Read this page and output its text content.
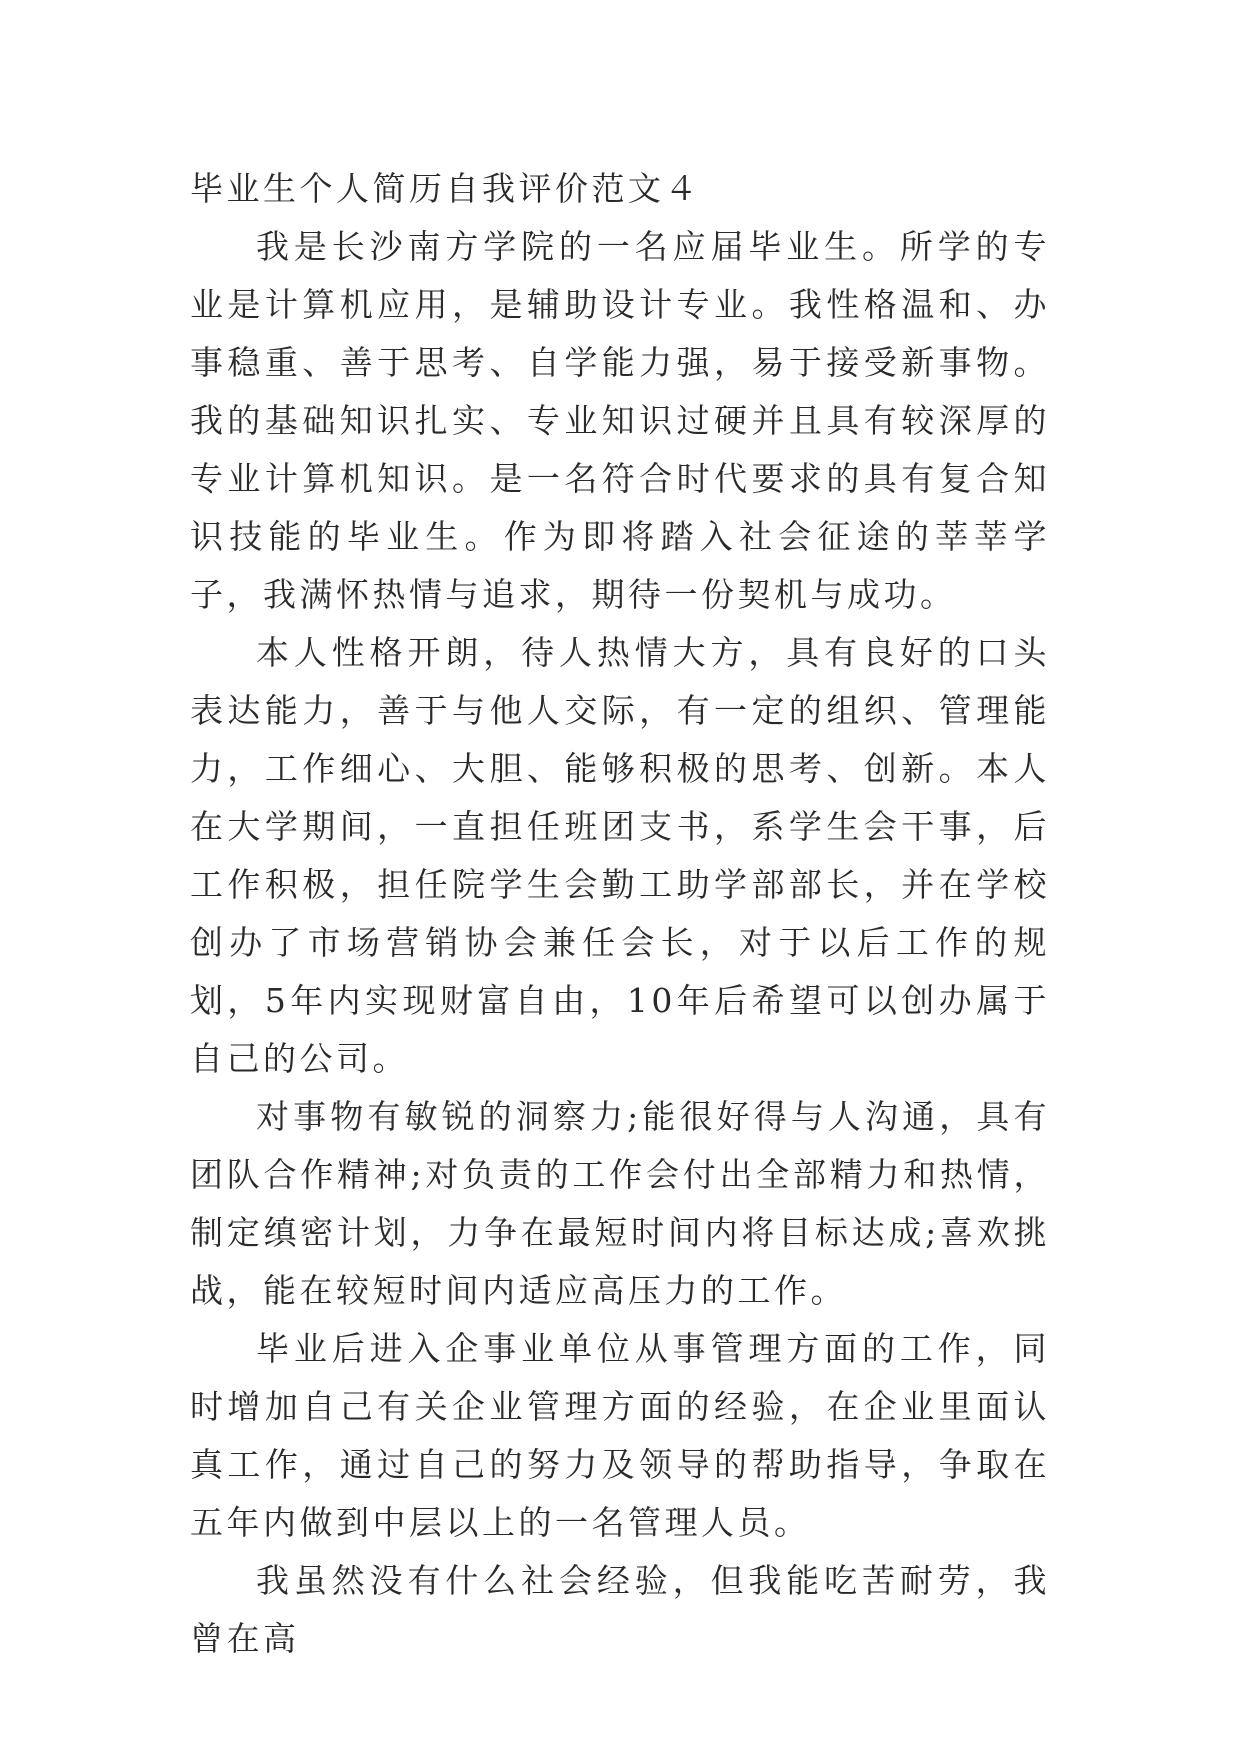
毕业生个人简历自我评价范文４

我是长沙南方学院的一名应届毕业生。所学的专业是计算机应用，是辅助设计专业。我性格温和、办事稳重、善于思考、自学能力强，易于接受新事物。我的基础知识扎实、专业知识过硬并且具有较深厚的专业计算机知识。是一名符合时代要求的具有复合知识技能的毕业生。作为即将踏入社会征途的莘莘学子，我满怀热情与追求，期待一份契机与成功。

本人性格开朗，待人热情大方，具有良好的口头表达能力，善于与他人交际，有一定的组织、管理能力，工作细心、大胆、能够积极的思考、创新。本人在大学期间，一直担任班团支书，系学生会干事，后工作积极，担任院学生会勤工助学部部长，并在学校创办了市场营销协会兼任会长，对于以后工作的规划，5年内实现财富自由，10年后希望可以创办属于自己的公司。

对事物有敏锐的洞察力;能很好得与人沟通，具有团队合作精神;对负责的工作会付出全部精力和热情，制定缜密计划，力争在最短时间内将目标达成;喜欢挑战，能在较短时间内适应高压力的工作。

毕业后进入企事业单位从事管理方面的工作，同时增加自己有关企业管理方面的经验，在企业里面认真工作，通过自己的努力及领导的帮助指导，争取在五年内做到中层以上的一名管理人员。

我虽然没有什么社会经验，但我能吃苦耐劳，我曾在高
